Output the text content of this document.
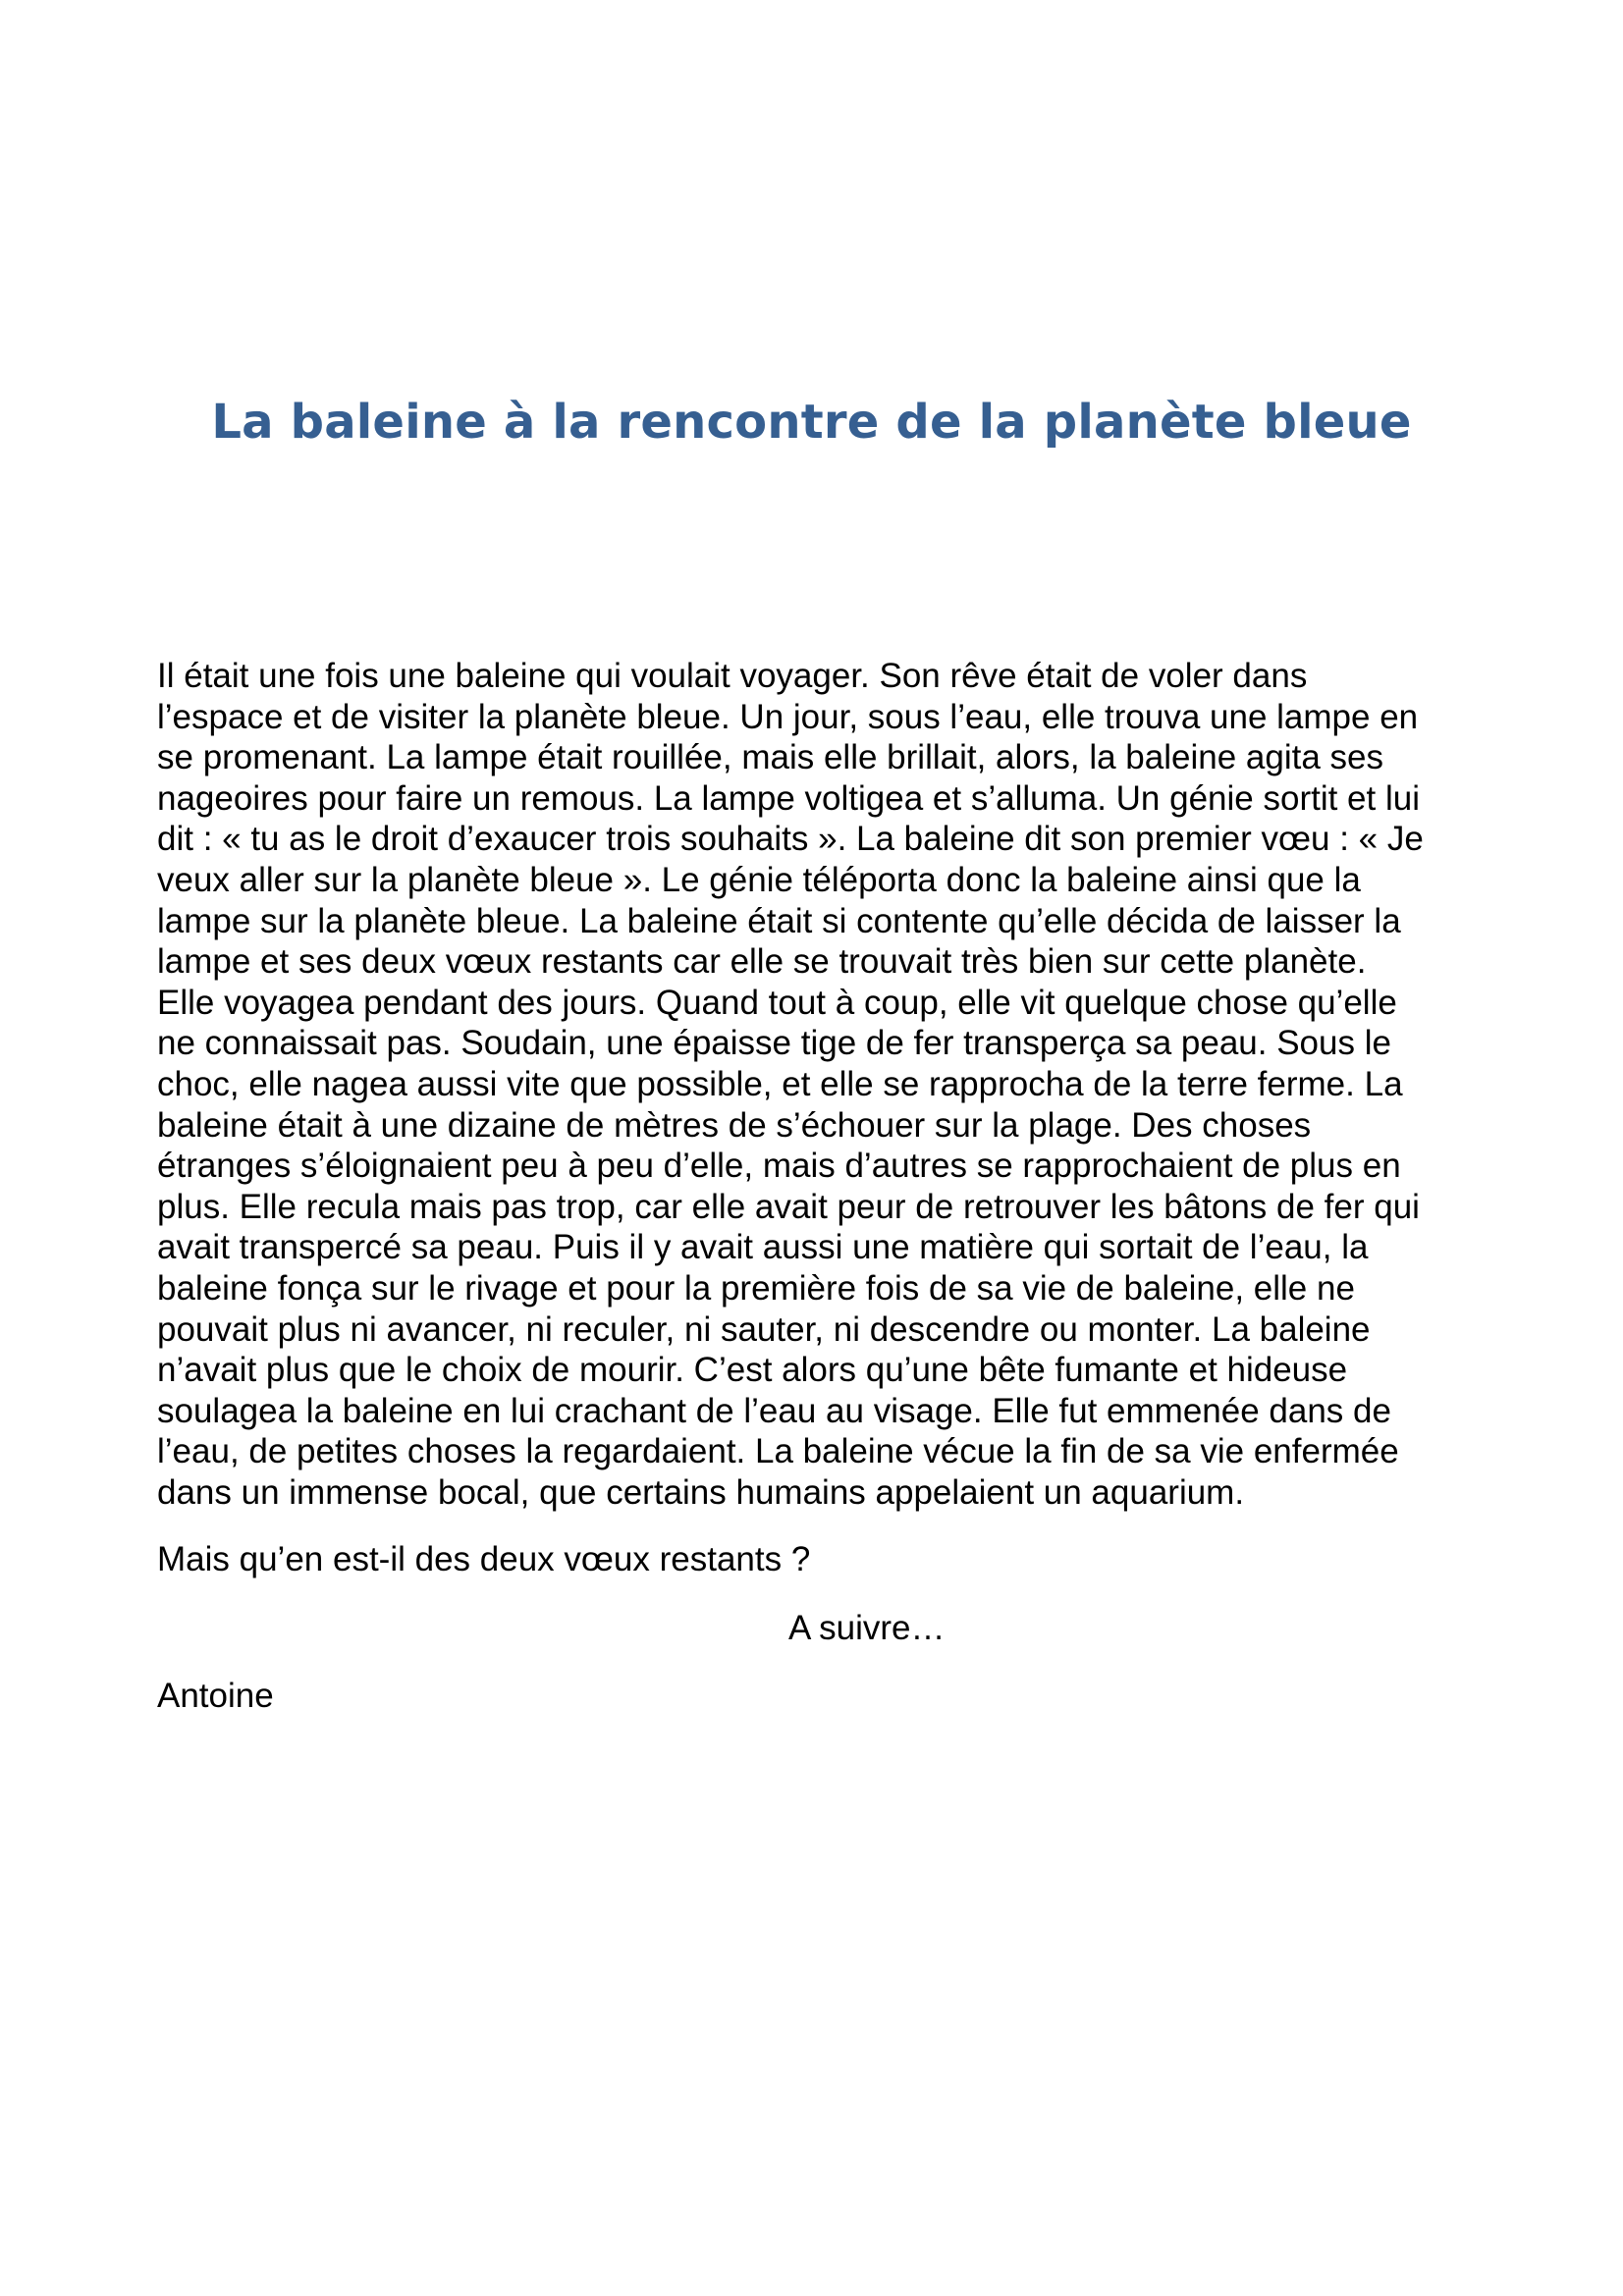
La baleine à la rencontre de la planète bleue

Il était une fois une baleine qui voulait voyager. Son rêve était de voler dans
l’espace et de visiter la planète bleue. Un jour, sous l’eau, elle trouva une lampe en
se promenant. La lampe était rouillée, mais elle brillait, alors, la baleine agita ses
nageoires pour faire un remous. La lampe voltigea et s’alluma. Un génie sortit et lui
dit : « tu as le droit d’exaucer trois souhaits ». La baleine dit son premier vœu : « Je
veux aller sur la planète bleue ». Le génie téléporta donc la baleine ainsi que la
lampe sur la planète bleue. La baleine était si contente qu’elle décida de laisser la
lampe et ses deux vœux restants car elle se trouvait très bien sur cette planète.
Elle voyagea pendant des jours. Quand tout à coup, elle vit quelque chose qu’elle
ne connaissait pas. Soudain, une épaisse tige de fer transperça sa peau. Sous le
choc, elle nagea aussi vite que possible, et elle se rapprocha de la terre ferme. La
baleine était à une dizaine de mètres de s’échouer sur la plage. Des choses
étranges s’éloignaient peu à peu d’elle, mais d’autres se rapprochaient de plus en
plus. Elle recula mais pas trop, car elle avait peur de retrouver les bâtons de fer qui
avait transpercé sa peau. Puis il y avait aussi une matière qui sortait de l’eau, la
baleine fonça sur le rivage et pour la première fois de sa vie de baleine, elle ne
pouvait plus ni avancer, ni reculer, ni sauter, ni descendre ou monter. La baleine
n’avait plus que le choix de mourir. C’est alors qu’une bête fumante et hideuse
soulagea la baleine en lui crachant de l’eau au visage. Elle fut emmenée dans de
l’eau, de petites choses la regardaient. La baleine vécue la fin de sa vie enfermée
dans un immense bocal, que certains humains appelaient un aquarium.

Mais qu’en est-il des deux vœux restants ?

A suivre…

Antoine
